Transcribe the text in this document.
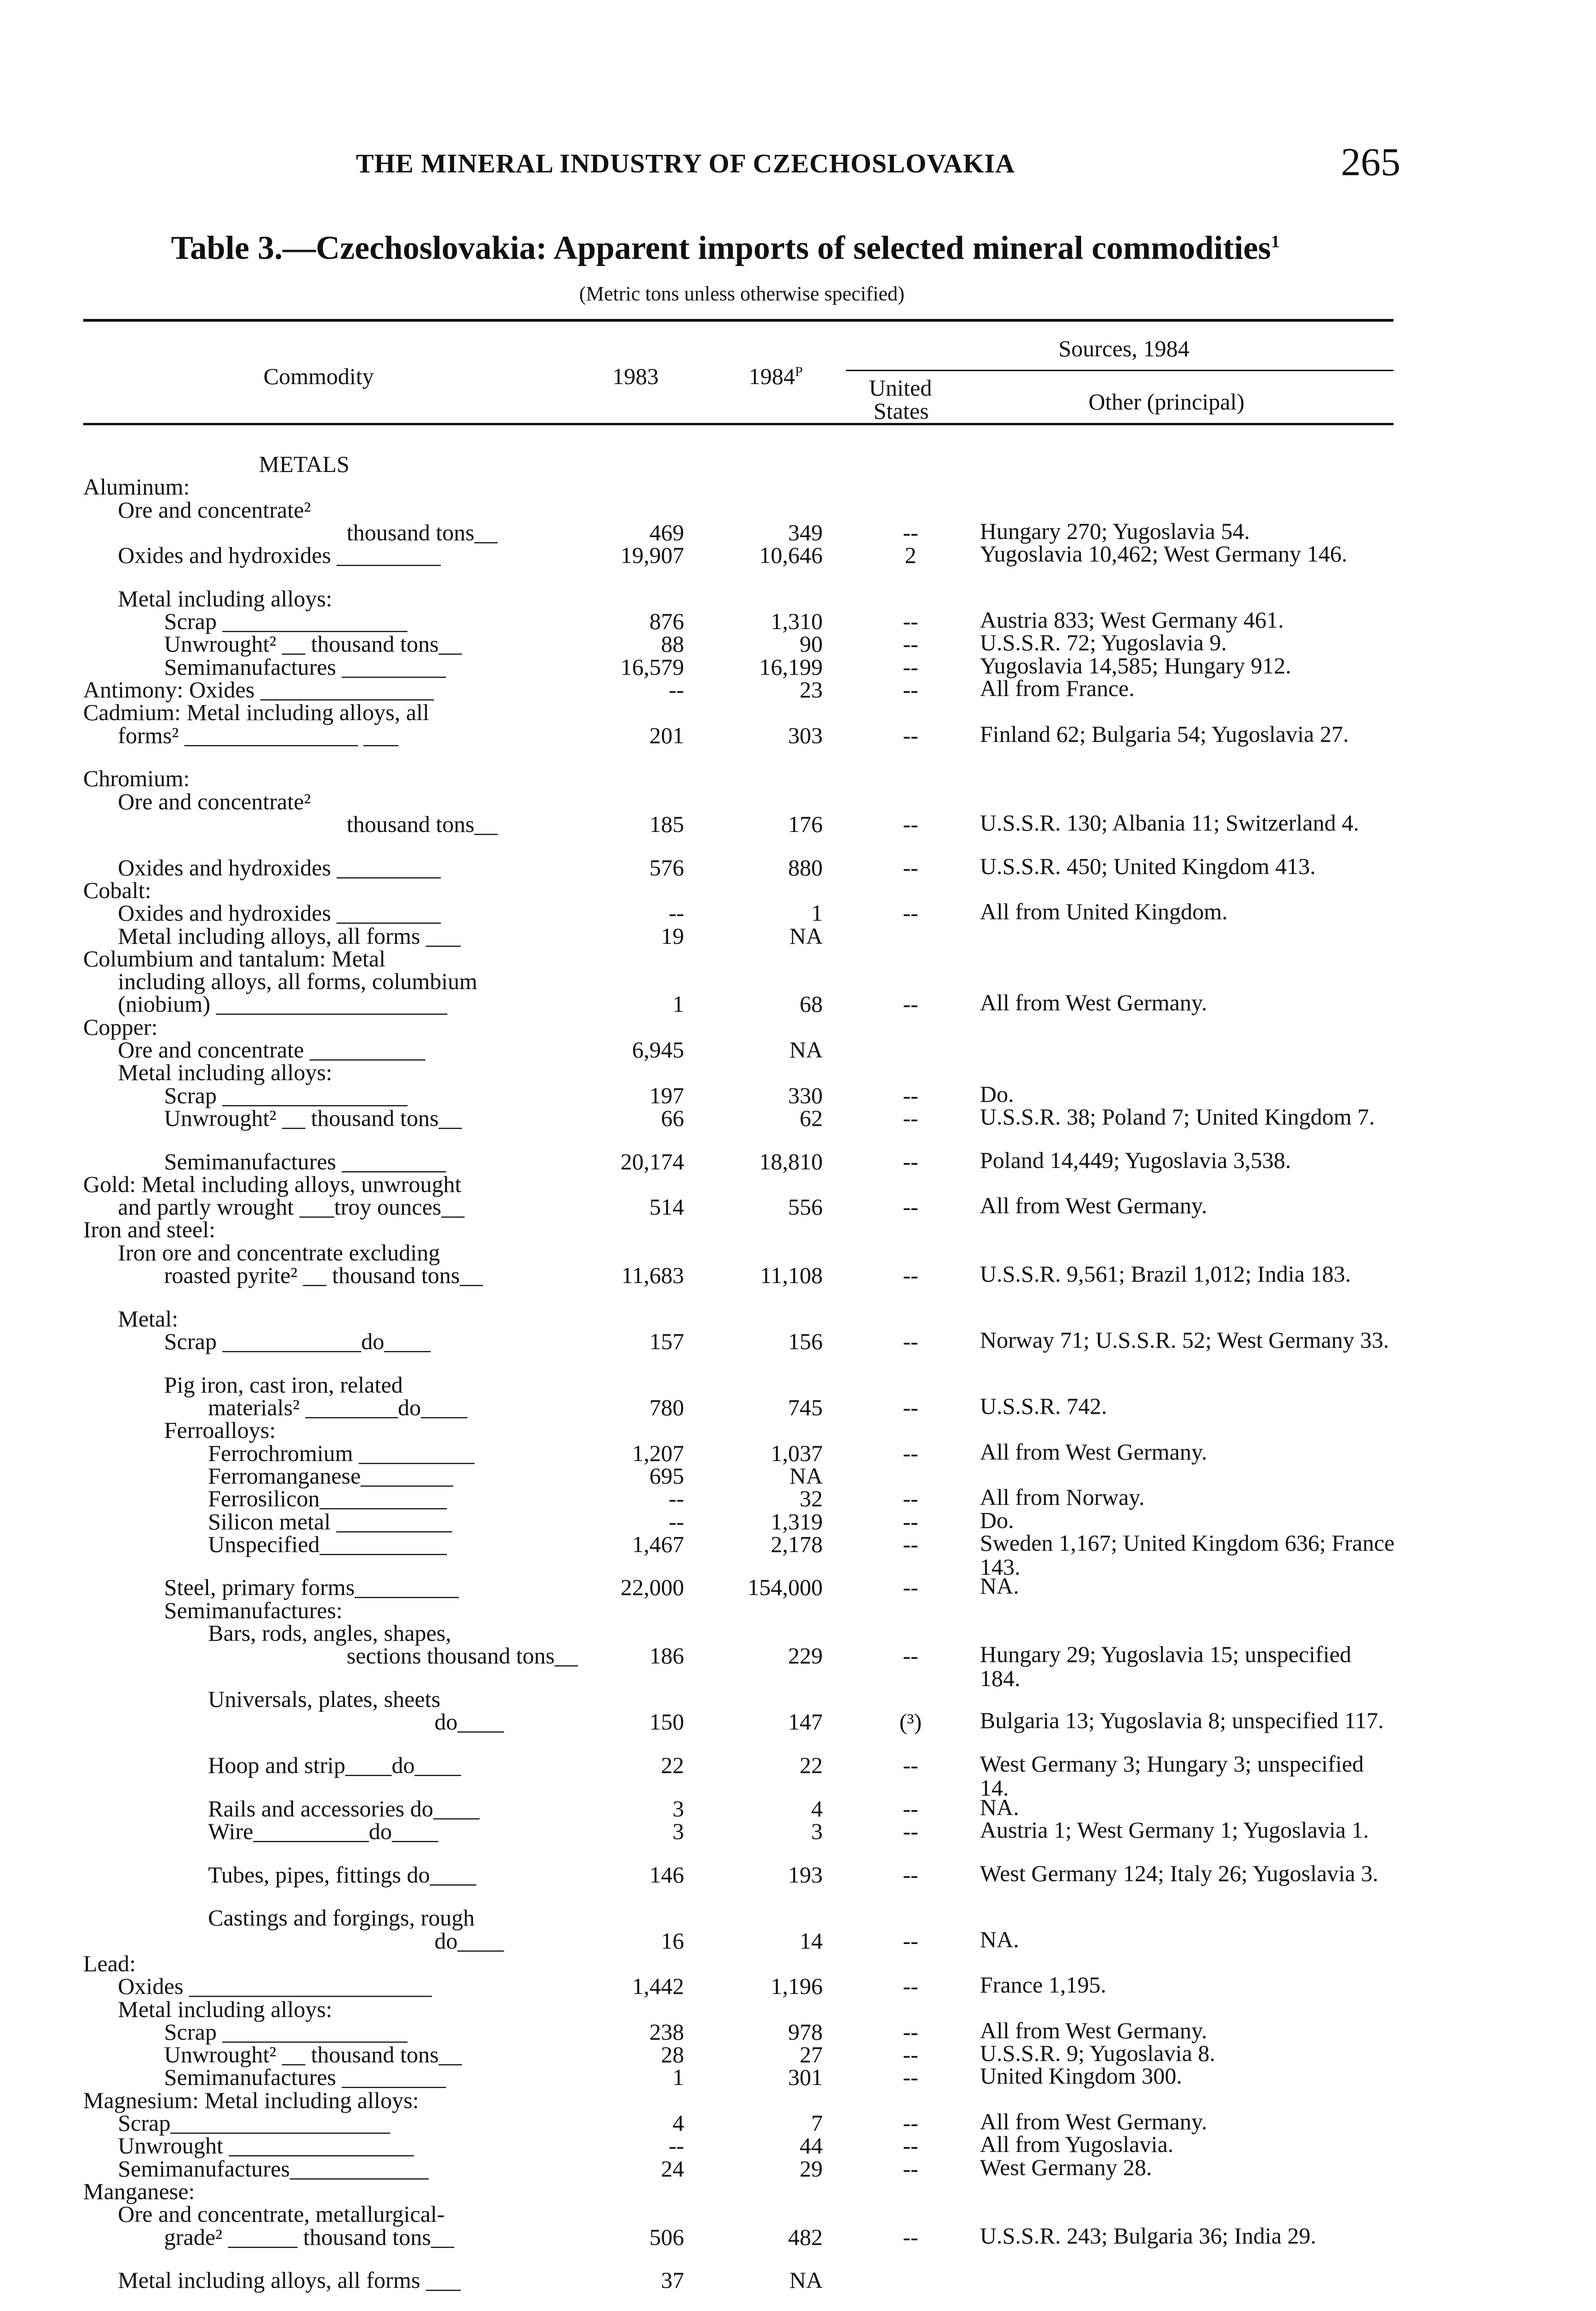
THE MINERAL INDUSTRY OF CZECHOSLOVAKIA	265
Table 3.—Czechoslovakia: Apparent imports of selected mineral commodities$^1$
(Metric tons unless otherwise specified)
Commodity	1983	1984$^P$
Sources, 1984
United
States	Other (principal)
METALS
Aluminum:
Ore and concentrate²
thousand tons__	469	349	--	Hungary 270; Yugoslavia 54.
Oxides and hydroxides _________	19,907	10,646	2	Yugoslavia 10,462; West Germany 146.
Metal including alloys:
Scrap ________________	876	1,310	--	Austria 833; West Germany 461.
Unwrought² __ thousand tons__	88	90	--	U.S.S.R. 72; Yugoslavia 9.
Semimanufactures _________	16,579	16,199	--	Yugoslavia 14,585; Hungary 912.
Antimony: Oxides _______________	--	23	--	All from France.
Cadmium: Metal including alloys, all
forms² _______________ ___	201	303	--	Finland 62; Bulgaria 54; Yugoslavia 27.
Chromium:
Ore and concentrate²
thousand tons__	185	176	--	U.S.S.R. 130; Albania 11; Switzerland 4.
Oxides and hydroxides _________	576	880	--	U.S.S.R. 450; United Kingdom 413.
Cobalt:
Oxides and hydroxides _________	--	1	--	All from United Kingdom.
Metal including alloys, all forms ___	19	NA
Columbium and tantalum: Metal
including alloys, all forms, columbium
(niobium) ____________________	1	68	--	All from West Germany.
Copper:
Ore and concentrate __________	6,945	NA
Metal including alloys:
Scrap ________________	197	330	--	Do.
Unwrought² __ thousand tons__	66	62	--	U.S.S.R. 38; Poland 7; United Kingdom 7.
Semimanufactures _________	20,174	18,810	--	Poland 14,449; Yugoslavia 3,538.
Gold: Metal including alloys, unwrought
and partly wrought ___troy ounces__	514	556	--	All from West Germany.
Iron and steel:
Iron ore and concentrate excluding
roasted pyrite² __ thousand tons__	11,683	11,108	--	U.S.S.R. 9,561; Brazil 1,012; India 183.
Metal:
Scrap ____________do____	157	156	--	Norway 71; U.S.S.R. 52; West Germany 33.
Pig iron, cast iron, related
materials² ________do____	780	745	--	U.S.S.R. 742.
Ferroalloys:
Ferrochromium __________	1,207	1,037	--	All from West Germany.
Ferromanganese________	695	NA
Ferrosilicon___________	--	32	--	All from Norway.
Silicon metal __________	--	1,319	--	Do.
Unspecified___________	1,467	2,178	--	Sweden 1,167; United Kingdom 636; France 143.
Steel, primary forms_________	22,000	154,000	--	NA.
Semimanufactures:
Bars, rods, angles, shapes,
sections thousand tons__	186	229	--	Hungary 29; Yugoslavia 15; unspecified 184.
Universals, plates, sheets
do____	150	147	(³)	Bulgaria 13; Yugoslavia 8; unspecified 117.
Hoop and strip____do____	22	22	--	West Germany 3; Hungary 3; unspecified 14.
Rails and accessories do____	3	4	--	NA.
Wire__________do____	3	3	--	Austria 1; West Germany 1; Yugoslavia 1.
Tubes, pipes, fittings do____	146	193	--	West Germany 124; Italy 26; Yugoslavia 3.
Castings and forgings, rough
do____	16	14	--	NA.
Lead:
Oxides _____________________	1,442	1,196	--	France 1,195.
Metal including alloys:
Scrap ________________	238	978	--	All from West Germany.
Unwrought² __ thousand tons__	28	27	--	U.S.S.R. 9; Yugoslavia 8.
Semimanufactures _________	1	301	--	United Kingdom 300.
Magnesium: Metal including alloys:
Scrap___________________	4	7	--	All from West Germany.
Unwrought ________________	--	44	--	All from Yugoslavia.
Semimanufactures____________	24	29	--	West Germany 28.
Manganese:
Ore and concentrate, metallurgical-
grade² ______ thousand tons__	506	482	--	U.S.S.R. 243; Bulgaria 36; India 29.
Metal including alloys, all forms ___	37	NA
